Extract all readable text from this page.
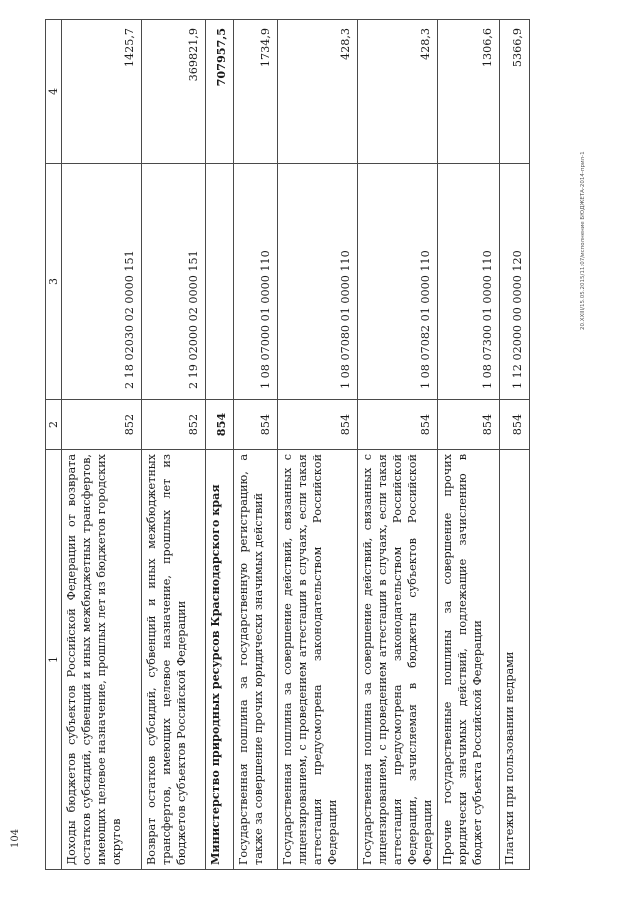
1	2	3	4
Доходы бюджетов субъектов Российской Федерации от возврата остатков субсидий, субвенций и иных межбюджетных трансфертов, имеющих целевое назначение, прошлых лет из бюджетов городских округов	852	2 18 02030 02 0000 151	1425,7
Возврат остатков субсидий, субвенций и иных межбюджетных трансфертов, имеющих целевое назначение, прошлых лет из бюджетов субъектов Российской Федерации	852	2 19 02000 02 0000 151	369821,9
Министерство природных ресурсов Краснодарского края	854		707957,5
Государственная пошлина за государственную регистрацию, а также за совершение прочих юридически значимых действий	854	1 08 07000 01 0000 110	1734,9
Государственная пошлина за совершение действий, связанных с лицензированием, с проведением аттестации в случаях, если такая аттестация предусмотрена законодательством Российской Федерации	854	1 08 07080 01 0000 110	428,3
Государственная пошлина за совершение действий, связанных с лицензированием, с проведением аттестации в случаях, если такая аттестация предусмотрена законодательством Российской Федерации, зачисляемая в бюджеты субъектов Российской Федерации	854	1 08 07082 01 0000 110	428,3
Прочие государственные пошлины за совершение прочих юридически значимых действий, подлежащие зачислению в бюджет субъекта Российской Федерации	854	1 08 07300 01 0000 110	1306,6
Платежи при пользовании недрами	854	1 12 02000 00 0000 120	5366,9
20.XXIII/15.05.2015/11:07/исполнение БЮДЖЕТА-2014-прил-1
104
